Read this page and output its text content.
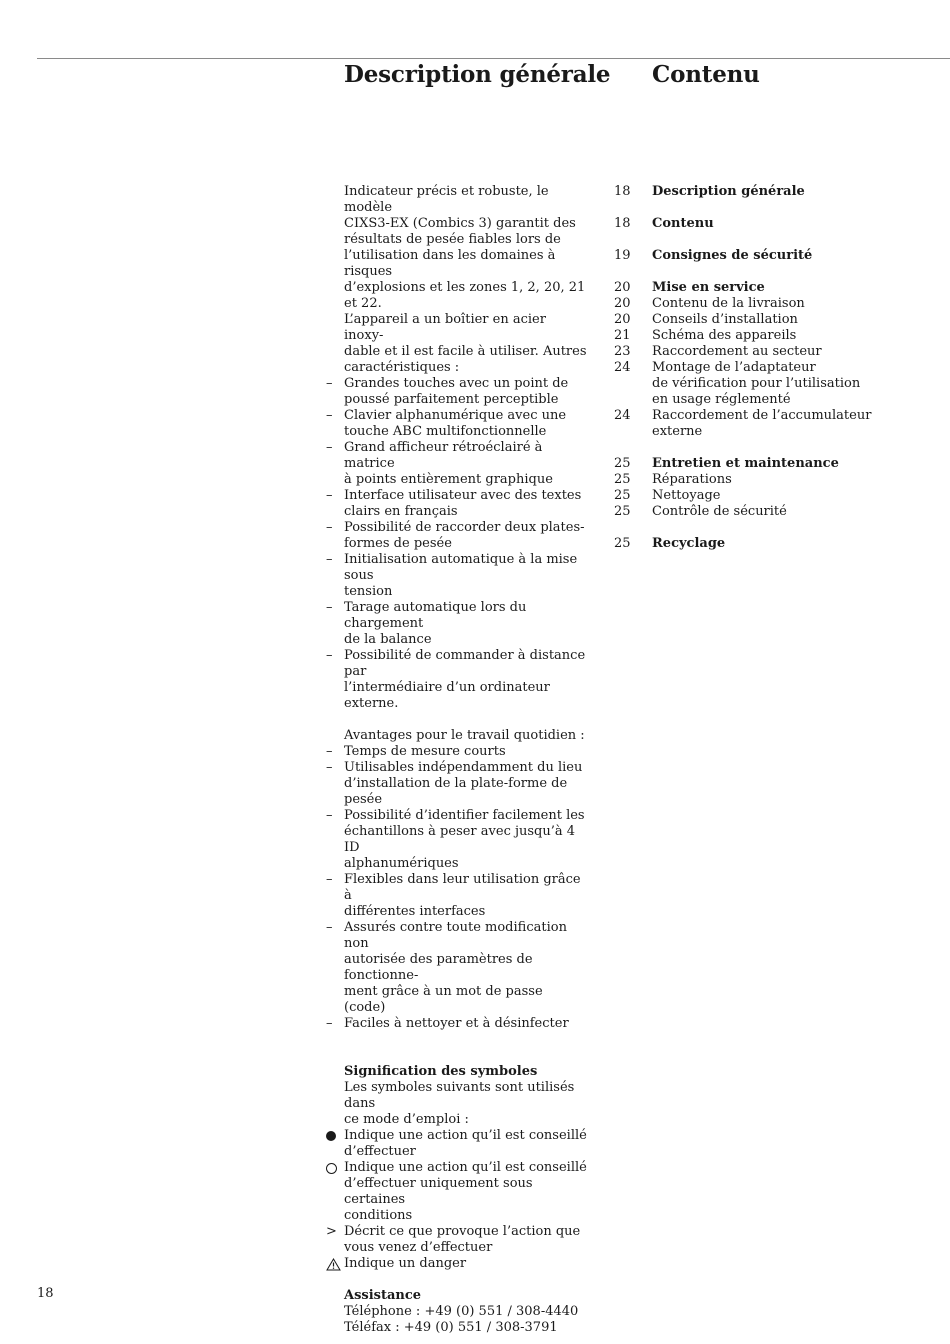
Description générale Contenu
Indicateur précis et robuste, le modèle
CIXS3-EX (Combics 3) garantit des
résultats de pesée fiables lors de
l’utilisation dans les domaines à risques
d’explosions et les zones 1, 2, 20, 21
et 22.
L’appareil a un boîtier en acier inoxy-
dable et il est facile à utiliser. Autres
caractéristiques :
–
Grandes touches avec un point de
poussé parfaitement perceptible
–
Clavier alphanumérique avec une
touche ABC multifonctionnelle
–
Grand afficheur rétroéclairé à matrice
à points entièrement graphique
–
Interface utilisateur avec des textes
clairs en français
–
Possibilité de raccorder deux plates-
formes de pesée
–
Initialisation automatique à la mise sous
tension
–
Tarage automatique lors du chargement
de la balance
–
Possibilité de commander à distance par
l’intermédiaire d’un ordinateur externe.
Avantages pour le travail quotidien :
–
Temps de mesure courts
–
Utilisables indépendamment du lieu
d’installation de la plate-forme de pesée
–
Possibilité d’identifier facilement les
échantillons à peser avec jusqu’à 4 ID
alphanumériques
–
Flexibles dans leur utilisation grâce à
différentes interfaces
–
Assurés contre toute modification non
autorisée des paramètres de fonctionne-
ment grâce à un mot de passe (code)
–
Faciles à nettoyer et à désinfecter
Signification des symboles
Les symboles suivants sont utilisés dans
ce mode d’emploi :
Indique une action qu’il est conseillé
d’effectuer
Indique une action qu’il est conseillé
d’effectuer uniquement sous certaines
conditions
>
Décrit ce que provoque l’action que
vous venez d’effectuer
Indique un danger
Assistance
Téléphone : +49 (0) 551 / 308-4440
Téléfax : +49 (0) 551 / 308-3791
18	Description générale
18	Contenu
19	Consignes de sécurité
20	Mise en service
20	Contenu de la livraison
20	Conseils d’installation
21	Schéma des appareils
23	Raccordement au secteur
24	Montage de l’adaptateur
de vérification pour l’utilisation
en usage réglementé
24	Raccordement de l’accumulateur
externe
25	Entretien et maintenance
25	Réparations
25	Nettoyage
25	Contrôle de sécurité
25	Recyclage
18
